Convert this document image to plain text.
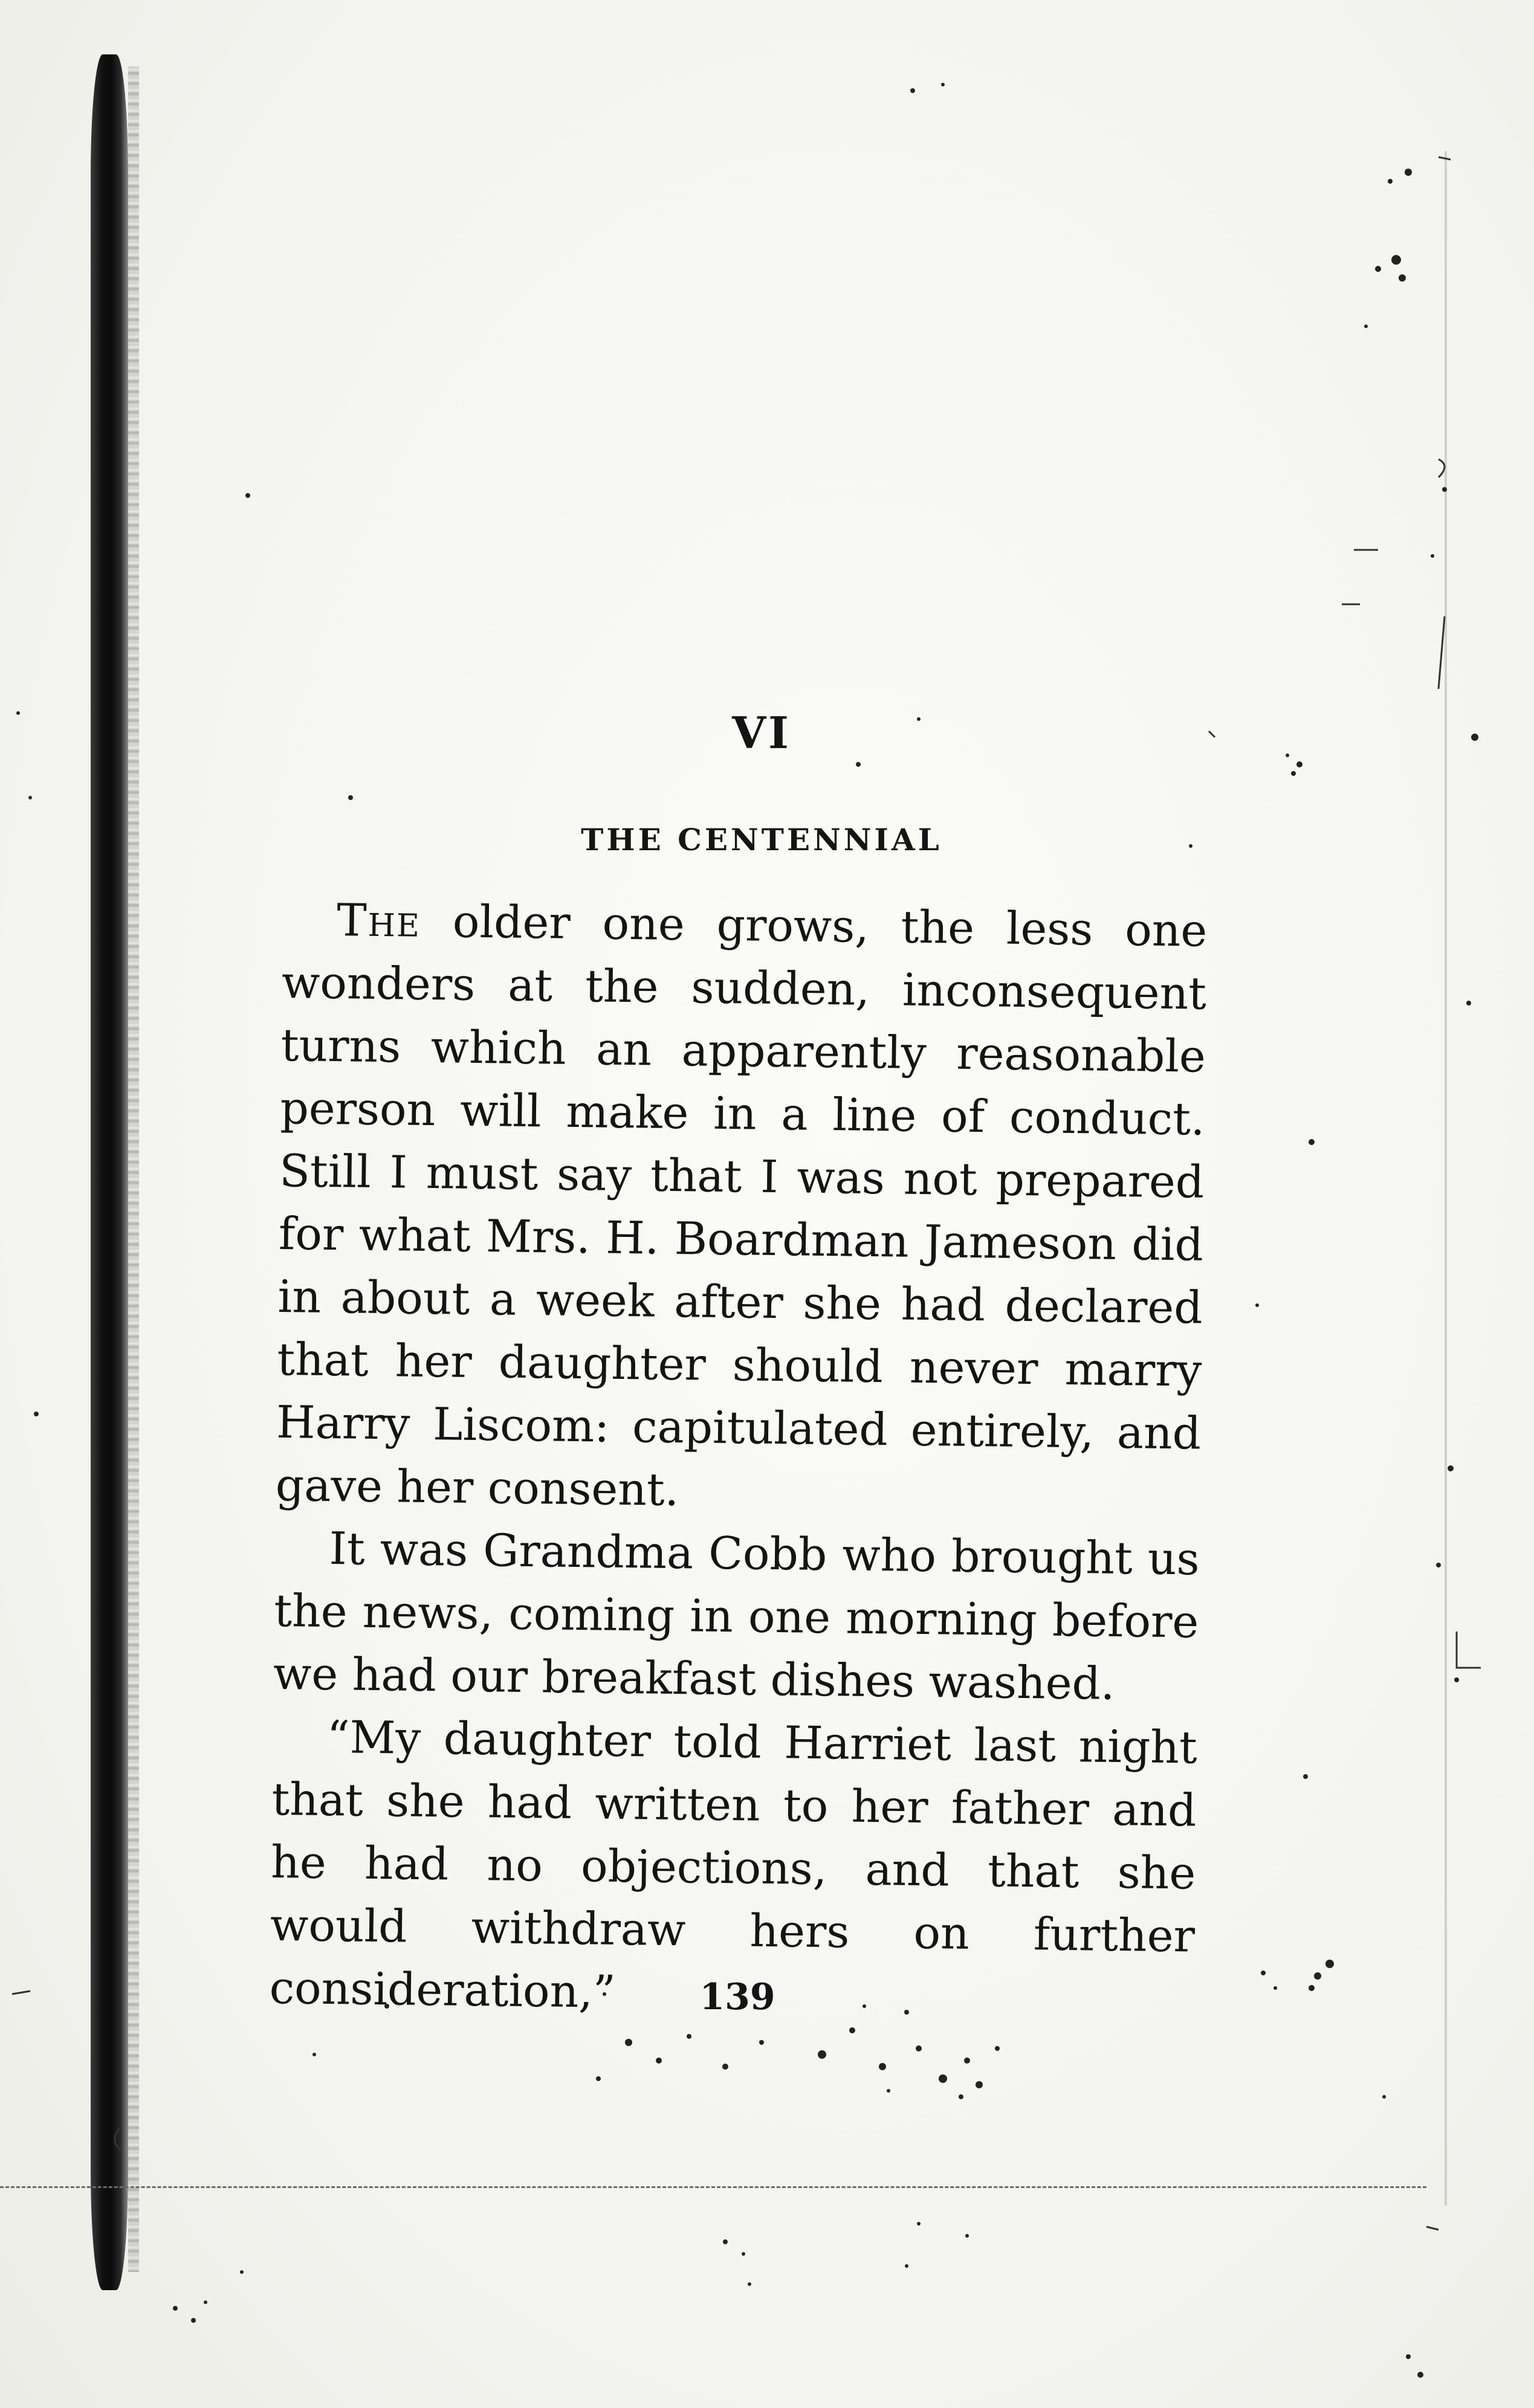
VI
THE CENTENNIAL

The older one grows, the less one wonders at the sudden, inconsequent turns which an apparently reasonable person will make in a line of conduct. Still I must say that I was not prepared for what Mrs. H. Boardman Jameson did in about a week after she had declared that her daughter should never marry Harry Liscom: capitulated entirely, and gave her consent.

It was Grandma Cobb who brought us the news, coming in one morning before we had our breakfast dishes washed.

“My daughter told Harriet last night that she had written to her father and he had no objections, and that she would withdraw hers on further consideration,”	139
